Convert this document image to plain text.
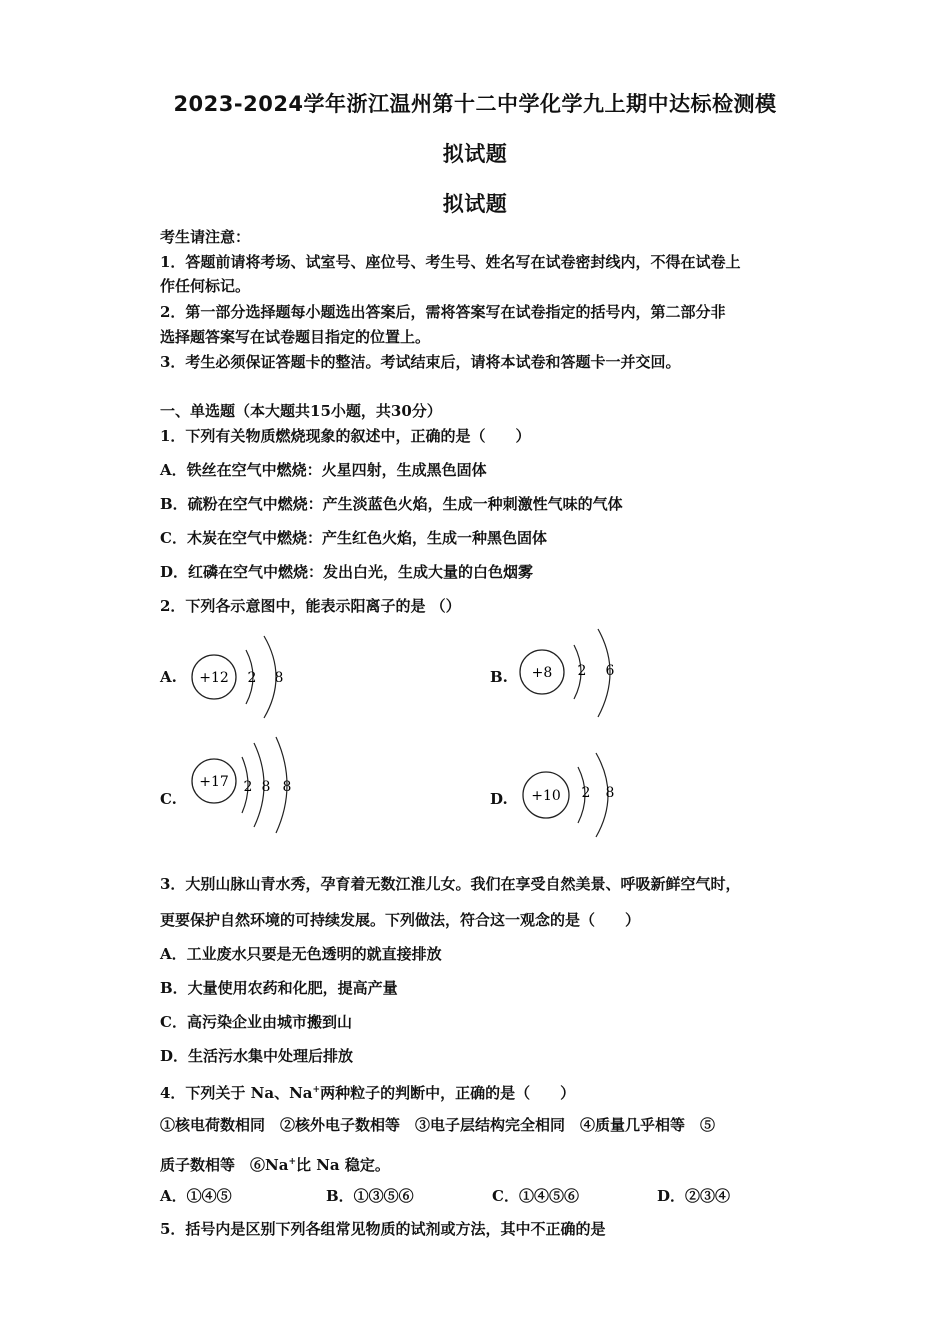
2023-2024学年浙江温州第十二中学化学九上期中达标检测模
拟试题
拟试题
考生请注意：
1．答题前请将考场、试室号、座位号、考生号、姓名写在试卷密封线内，不得在试卷上
作任何标记。
2．第一部分选择题每小题选出答案后，需将答案写在试卷指定的括号内，第二部分非
选择题答案写在试卷题目指定的位置上。
3．考生必须保证答题卡的整洁。考试结束后，请将本试卷和答题卡一并交回。
一、单选题（本大题共15小题，共30分）
1．下列有关物质燃烧现象的叙述中，正确的是（　　）
A．铁丝在空气中燃烧：火星四射，生成黑色固体
B．硫粉在空气中燃烧：产生淡蓝色火焰，生成一种刺激性气味的气体
C．木炭在空气中燃烧：产生红色火焰，生成一种黑色固体
D．红磷在空气中燃烧：发出白光，生成大量的白色烟雾
2．下列各示意图中，能表示阳离子的是 （）
A. +12 2 8	B. +8 2 6
C.
+17 2 8 8
D. +10 2 8
3．大别山脉山青水秀，孕育着无数江淮儿女。我们在享受自然美景、呼吸新鲜空气时，
更要保护自然环境的可持续发展。下列做法，符合这一观念的是（　　）
A．工业废水只要是无色透明的就直接排放
B．大量使用农药和化肥，提高产量
C．高污染企业由城市搬到山
D．生活污水集中处理后排放
4．下列关于 Na、Na+两种粒子的判断中，正确的是（　　）
①核电荷数相同　②核外电子数相等　③电子层结构完全相同　④质量几乎相等　⑤
质子数相等　⑥Na+比 Na 稳定。
A．①④⑤	B．①③⑤⑥	C．①④⑤⑥	D．②③④
5．括号内是区别下列各组常见物质的试剂或方法，其中不正确的是
